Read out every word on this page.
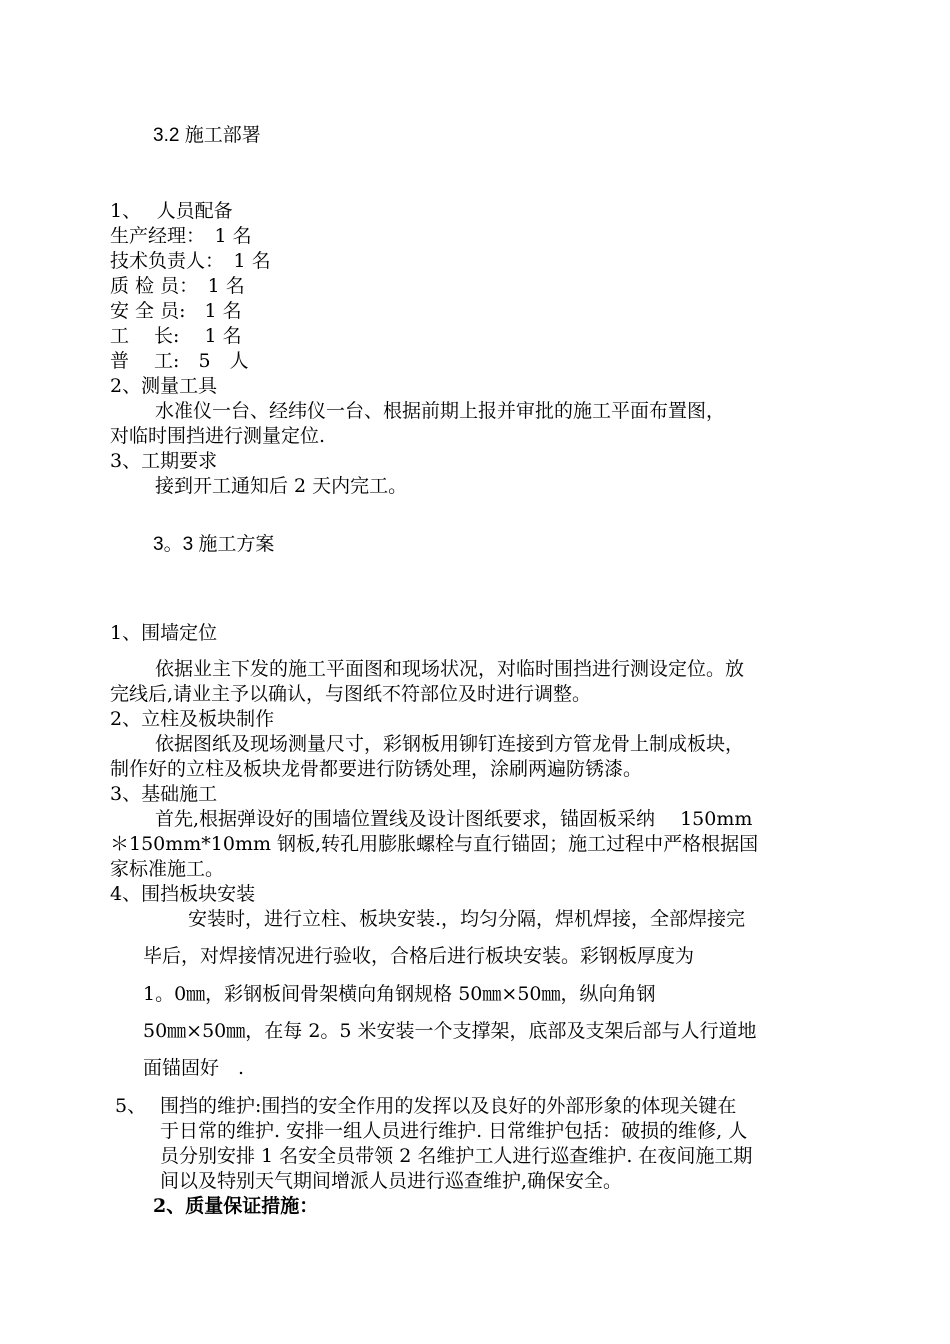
3.2 施工部署
1、　 人员配备
生产经理：　1 名
技术负责人：　1 名
质 检 员：　1 名
安 全 员:　1 名
工　 长:　 1 名
普　 工:　5　人
2、测量工具
水准仪一台、经纬仪一台、根据前期上报并审批的施工平面布置图，
对临时围挡进行测量定位.
3、工期要求
接到开工通知后 2 天内完工。
3。3 施工方案
1、围墙定位
依据业主下发的施工平面图和现场状况，对临时围挡进行测设定位。放
完线后,请业主予以确认，与图纸不符部位及时进行调整。
2、立柱及板块制作
依据图纸及现场测量尺寸，彩钢板用铆钉连接到方管龙骨上制成板块，
制作好的立柱及板块龙骨都要进行防锈处理，涂刷两遍防锈漆。
3、基础施工
首先,根据弹设好的围墙位置线及设计图纸要求，锚固板采纳　 150mm
＊150mm*10mm 钢板,转孔用膨胀螺栓与直行锚固；施工过程中严格根据国
家标准施工。
4、围挡板块安装
安装时，进行立柱、板块安装.，均匀分隔，焊机焊接，全部焊接完
毕后，对焊接情况进行验收，合格后进行板块安装。彩钢板厚度为
1。0㎜，彩钢板间骨架横向角钢规格 50㎜×50㎜，纵向角钢
50㎜×50㎜，在每 2。5 米安装一个支撑架，底部及支架后部与人行道地
面锚固好　.
5、 围挡的维护:围挡的安全作用的发挥以及良好的外部形象的体现关键在
于日常的维护. 安排一组人员进行维护. 日常维护包括：破损的维修, 人
员分别安排 1 名安全员带领 2 名维护工人进行巡查维护. 在夜间施工期
间以及特别天气期间增派人员进行巡查维护,确保安全。
2、质量保证措施：
